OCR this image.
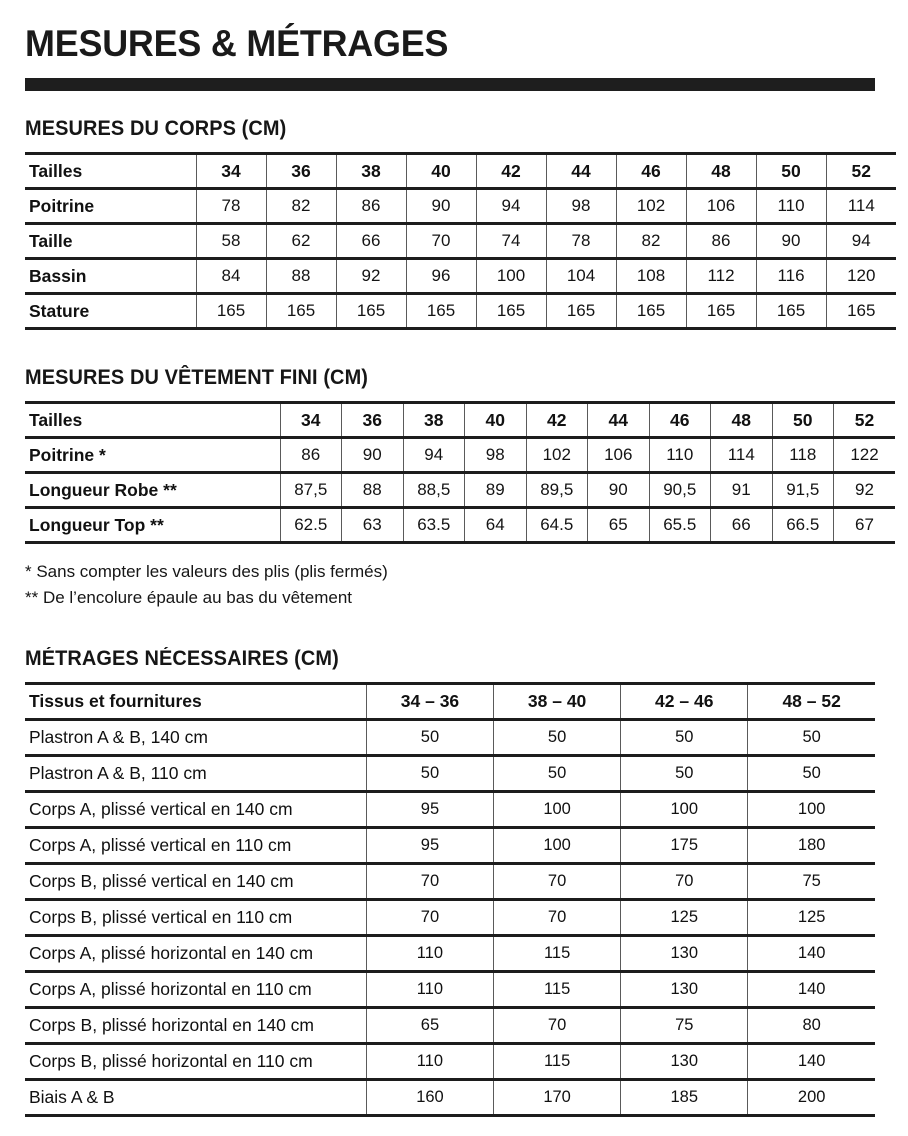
MESURES & MÉTRAGES
MESURES DU CORPS (CM)
Tailles	34	36	38	40	42	44	46	48	50	52
Poitrine	78	82	86	90	94	98	102	106	110	114
Taille	58	62	66	70	74	78	82	86	90	94
Bassin	84	88	92	96	100	104	108	112	116	120
Stature	165	165	165	165	165	165	165	165	165	165
MESURES DU VÊTEMENT FINI (CM)
Tailles	34	36	38	40	42	44	46	48	50	52
Poitrine *	86	90	94	98	102	106	110	114	118	122
Longueur Robe **	87,5	88	88,5	89	89,5	90	90,5	91	91,5	92
Longueur Top **	62.5	63	63.5	64	64.5	65	65.5	66	66.5	67
* Sans compter les valeurs des plis (plis fermés)
** De l’encolure épaule au bas du vêtement
MÉTRAGES NÉCESSAIRES (CM)
Tissus et fournitures	34 – 36	38 – 40	42 – 46	48 – 52
Plastron A & B, 140 cm	50	50	50	50
Plastron A & B, 110 cm	50	50	50	50
Corps A, plissé vertical en 140 cm	95	100	100	100
Corps A, plissé vertical en 110 cm	95	100	175	180
Corps B, plissé vertical en 140 cm	70	70	70	75
Corps B, plissé vertical en 110 cm	70	70	125	125
Corps A, plissé horizontal en 140 cm	110	115	130	140
Corps A, plissé horizontal en 110 cm	110	115	130	140
Corps B, plissé horizontal en 140 cm	65	70	75	80
Corps B, plissé horizontal en 110 cm	110	115	130	140
Biais A & B	160	170	185	200
